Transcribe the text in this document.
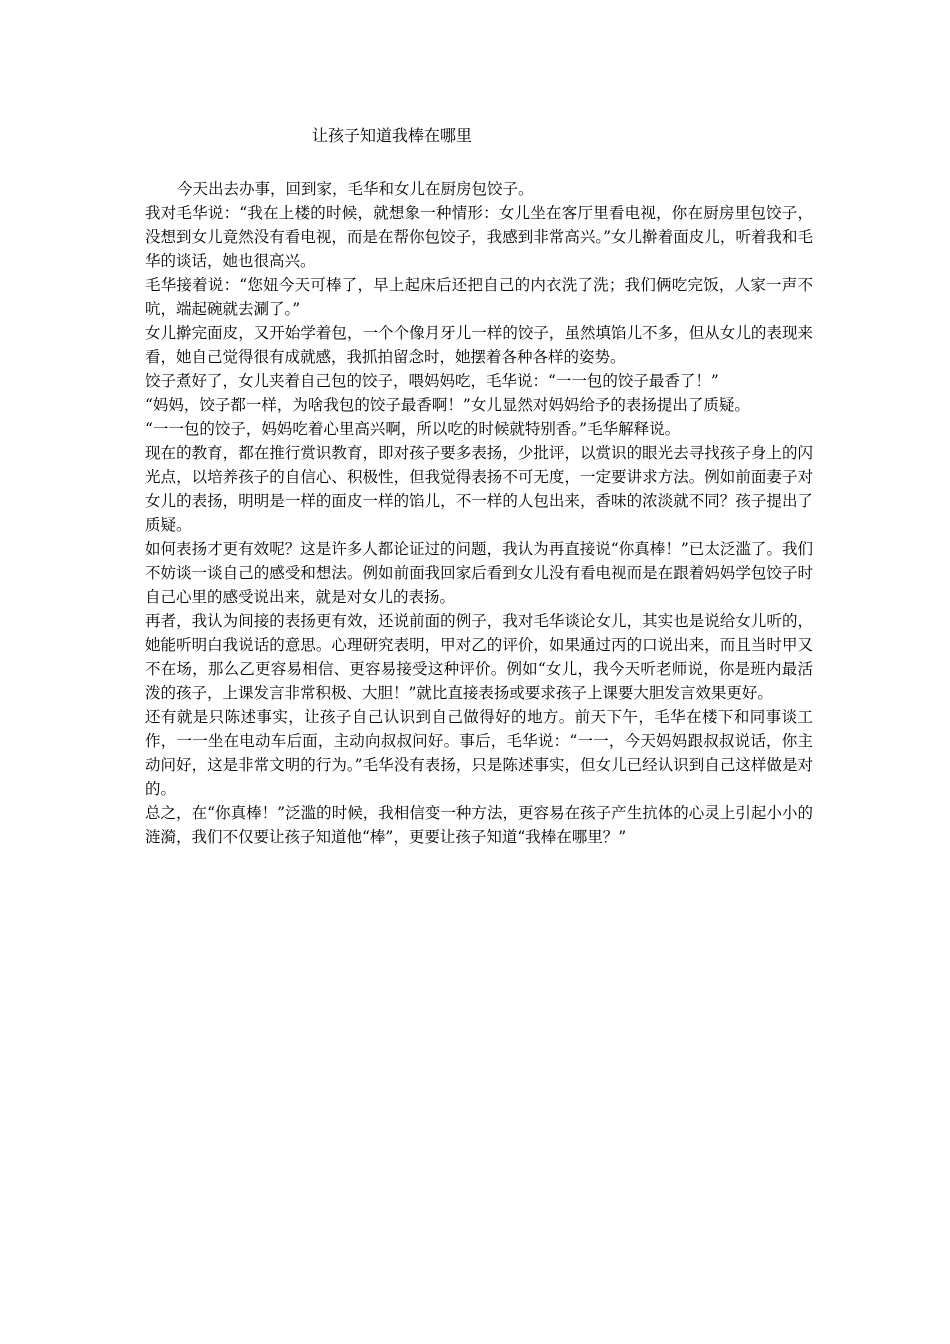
让孩子知道我棒在哪里

今天出去办事，回到家，毛华和女儿在厨房包饺子。

我对毛华说：“我在上楼的时候，就想象一种情形：女儿坐在客厅里看电视，你在厨房里包饺子，没想到女儿竟然没有看电视，而是在帮你包饺子，我感到非常高兴。”女儿擀着面皮儿，听着我和毛华的谈话，她也很高兴。

毛华接着说：“您妞今天可棒了，早上起床后还把自己的内衣洗了洗；我们俩吃完饭，人家一声不吭，端起碗就去涮了。”

女儿擀完面皮，又开始学着包，一个个像月牙儿一样的饺子，虽然填馅儿不多，但从女儿的表现来看，她自己觉得很有成就感，我抓拍留念时，她摆着各种各样的姿势。

饺子煮好了，女儿夹着自己包的饺子，喂妈妈吃，毛华说：“一一包的饺子最香了！”

“妈妈，饺子都一样，为啥我包的饺子最香啊！”女儿显然对妈妈给予的表扬提出了质疑。

“一一包的饺子，妈妈吃着心里高兴啊，所以吃的时候就特别香。”毛华解释说。

现在的教育，都在推行赏识教育，即对孩子要多表扬，少批评，以赏识的眼光去寻找孩子身上的闪光点，以培养孩子的自信心、积极性，但我觉得表扬不可无度，一定要讲求方法。例如前面妻子对女儿的表扬，明明是一样的面皮一样的馅儿，不一样的人包出来，香味的浓淡就不同？孩子提出了质疑。

如何表扬才更有效呢？这是许多人都论证过的问题，我认为再直接说“你真棒！”已太泛滥了。我们不妨谈一谈自己的感受和想法。例如前面我回家后看到女儿没有看电视而是在跟着妈妈学包饺子时自己心里的感受说出来，就是对女儿的表扬。

再者，我认为间接的表扬更有效，还说前面的例子，我对毛华谈论女儿，其实也是说给女儿听的，她能听明白我说话的意思。心理研究表明，甲对乙的评价，如果通过丙的口说出来，而且当时甲又不在场，那么乙更容易相信、更容易接受这种评价。例如“女儿，我今天听老师说，你是班内最活泼的孩子，上课发言非常积极、大胆！”就比直接表扬或要求孩子上课要大胆发言效果更好。

还有就是只陈述事实，让孩子自己认识到自己做得好的地方。前天下午，毛华在楼下和同事谈工作，一一坐在电动车后面，主动向叔叔问好。事后，毛华说：“一一，今天妈妈跟叔叔说话，你主动问好，这是非常文明的行为。”毛华没有表扬，只是陈述事实，但女儿已经认识到自己这样做是对的。

总之，在“你真棒！”泛滥的时候，我相信变一种方法，更容易在孩子产生抗体的心灵上引起小小的涟漪，我们不仅要让孩子知道他“棒”，更要让孩子知道“我棒在哪里？”
